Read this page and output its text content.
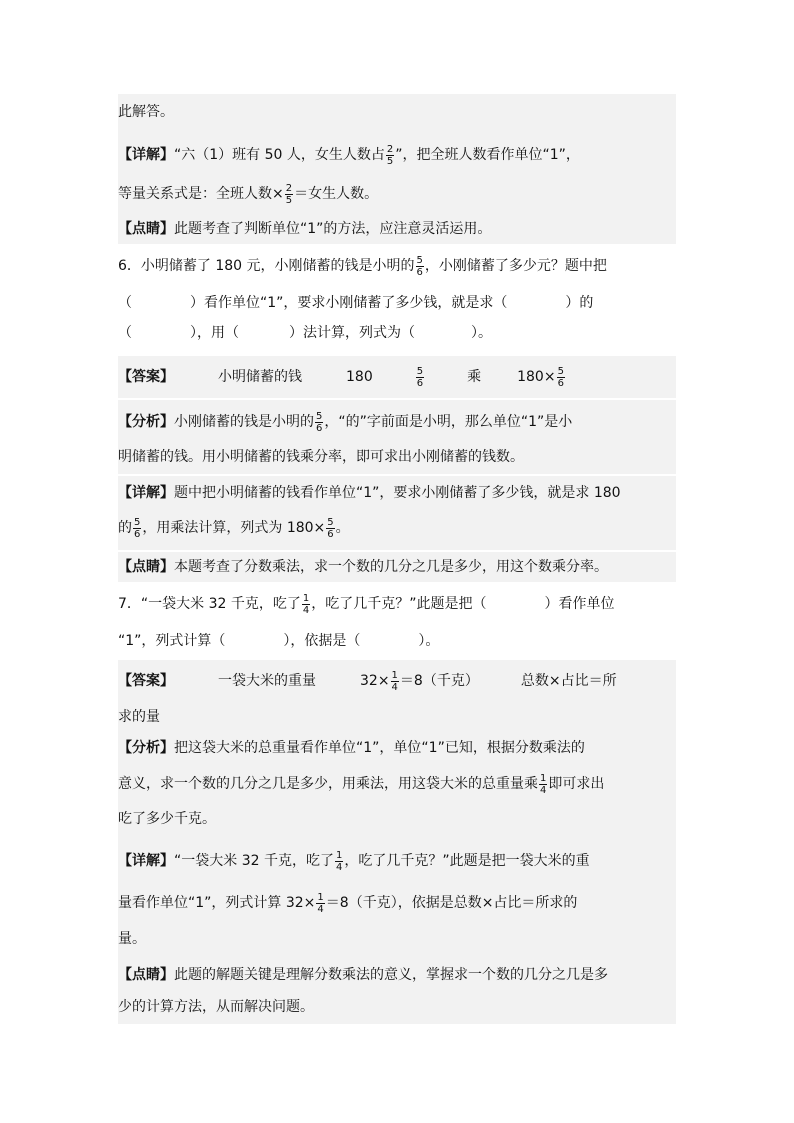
此解答。
【详解】“六（1）班有 50 人，女生人数占 $\frac{2}{5}$ ”，把全班人数看作单位“1”，
等量关系式是：全班人数× $\frac{2}{5}$ ＝女生人数。
【点睛】此题考查了判断单位“1”的方法，应注意灵活运用。
6．小明储蓄了 180 元，小刚储蓄的钱是小明的 $\frac{5}{6}$ ，小刚储蓄了多少元？题中把
（	）看作单位“1”，要求小刚储蓄了多少钱，就是求（	）的
（	），用（	）法计算，列式为（	）。
【答案】	小明储蓄的钱	180	$\frac{5}{6}$	乘	$180\times \frac{5}{6}$
【分析】小刚储蓄的钱是小明的 $\frac{5}{6}$ ，“的”字前面是小明，那么单位“1”是小
明储蓄的钱。用小明储蓄的钱乘分率，即可求出小刚储蓄的钱数。
【详解】题中把小明储蓄的钱看作单位“1”，要求小刚储蓄了多少钱，就是求 180
的 $\frac{5}{6}$ ，用乘法计算，列式为 $180\times \frac{5}{6}$ 。
【点睛】本题考查了分数乘法，求一个数的几分之几是多少，用这个数乘分率。
7．“一袋大米 32 千克，吃了 $\frac{1}{4}$ ，吃了几千克？”此题是把（	）看作单位
“1”，列式计算（	），依据是（	）。
【答案】	一袋大米的重量	$32\times \frac{1}{4} =8$（千克）	总数×占比＝所
求的量
【分析】把这袋大米的总重量看作单位“1”，单位“1”已知，根据分数乘法的
意义，求一个数的几分之几是多少，用乘法，用这袋大米的总重量乘 $\frac{1}{4}$ 即可求出
吃了多少千克。
【详解】“一袋大米 32 千克，吃了 $\frac{1}{4}$ ，吃了几千克？”此题是把一袋大米的重
量看作单位“1”，列式计算 $32\times \frac{1}{4} =8$（千克），依据是总数×占比＝所求的
量。
【点睛】此题的解题关键是理解分数乘法的意义，掌握求一个数的几分之几是多
少的计算方法，从而解决问题。
